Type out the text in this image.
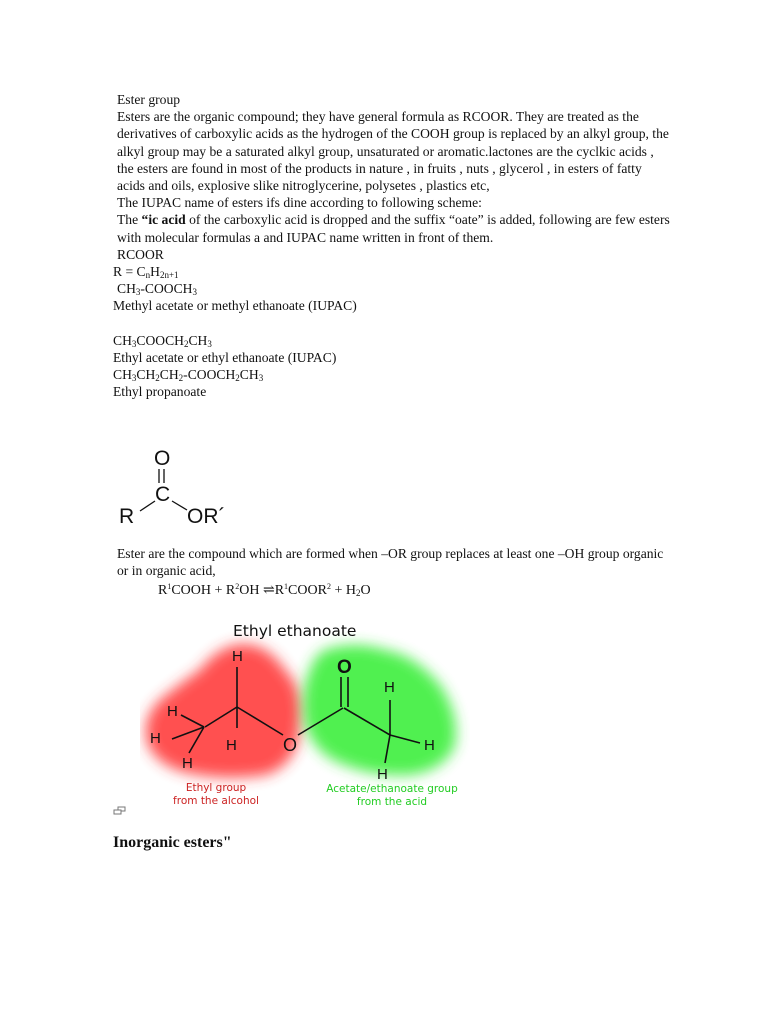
Ester group

Esters are the organic compound; they have general formula as RCOOR. They are treated as the derivatives of carboxylic acids as the hydrogen of the COOH group is replaced by an alkyl group, the alkyl group may be a saturated alkyl group, unsaturated or aromatic.lactones are the cyclkic acids , the esters are found in most of the products in nature , in fruits , nuts , glycerol , in esters of fatty acids and oils, explosive slike nitroglycerine, polysetes , plastics etc,

The IUPAC name of esters ifs dine according to following scheme:

The “ic acid of the carboxylic acid is dropped and the suffix “oate” is added, following are few esters with molecular formulas a and IUPAC name written in front of them.

RCOOR

$R = C_nH_{2n+1}$

$CH_3-COOCH_3$

Methyl acetate or methyl ethanoate (IUPAC)

$CH_3COOCH_2CH_3$

Ethyl acetate or ethyl ethanoate (IUPAC)

$CH_3CH_2CH_2-COOCH_2CH_3$

Ethyl propanoate

O
C
R	OR´

Ester are the compound which are formed when –OR group replaces at least one –OH group organic or in organic acid,

$R^1COOH + R^2OH$ $\rightleftharpoons R^1COOR^2 + H_2O$
Ethyl ethanoate
H
H
H	H
H
O
O
H
H
H
Ethyl group
from the alcohol
Acetate/ethanoate group
from the acid

Inorganic esters"
